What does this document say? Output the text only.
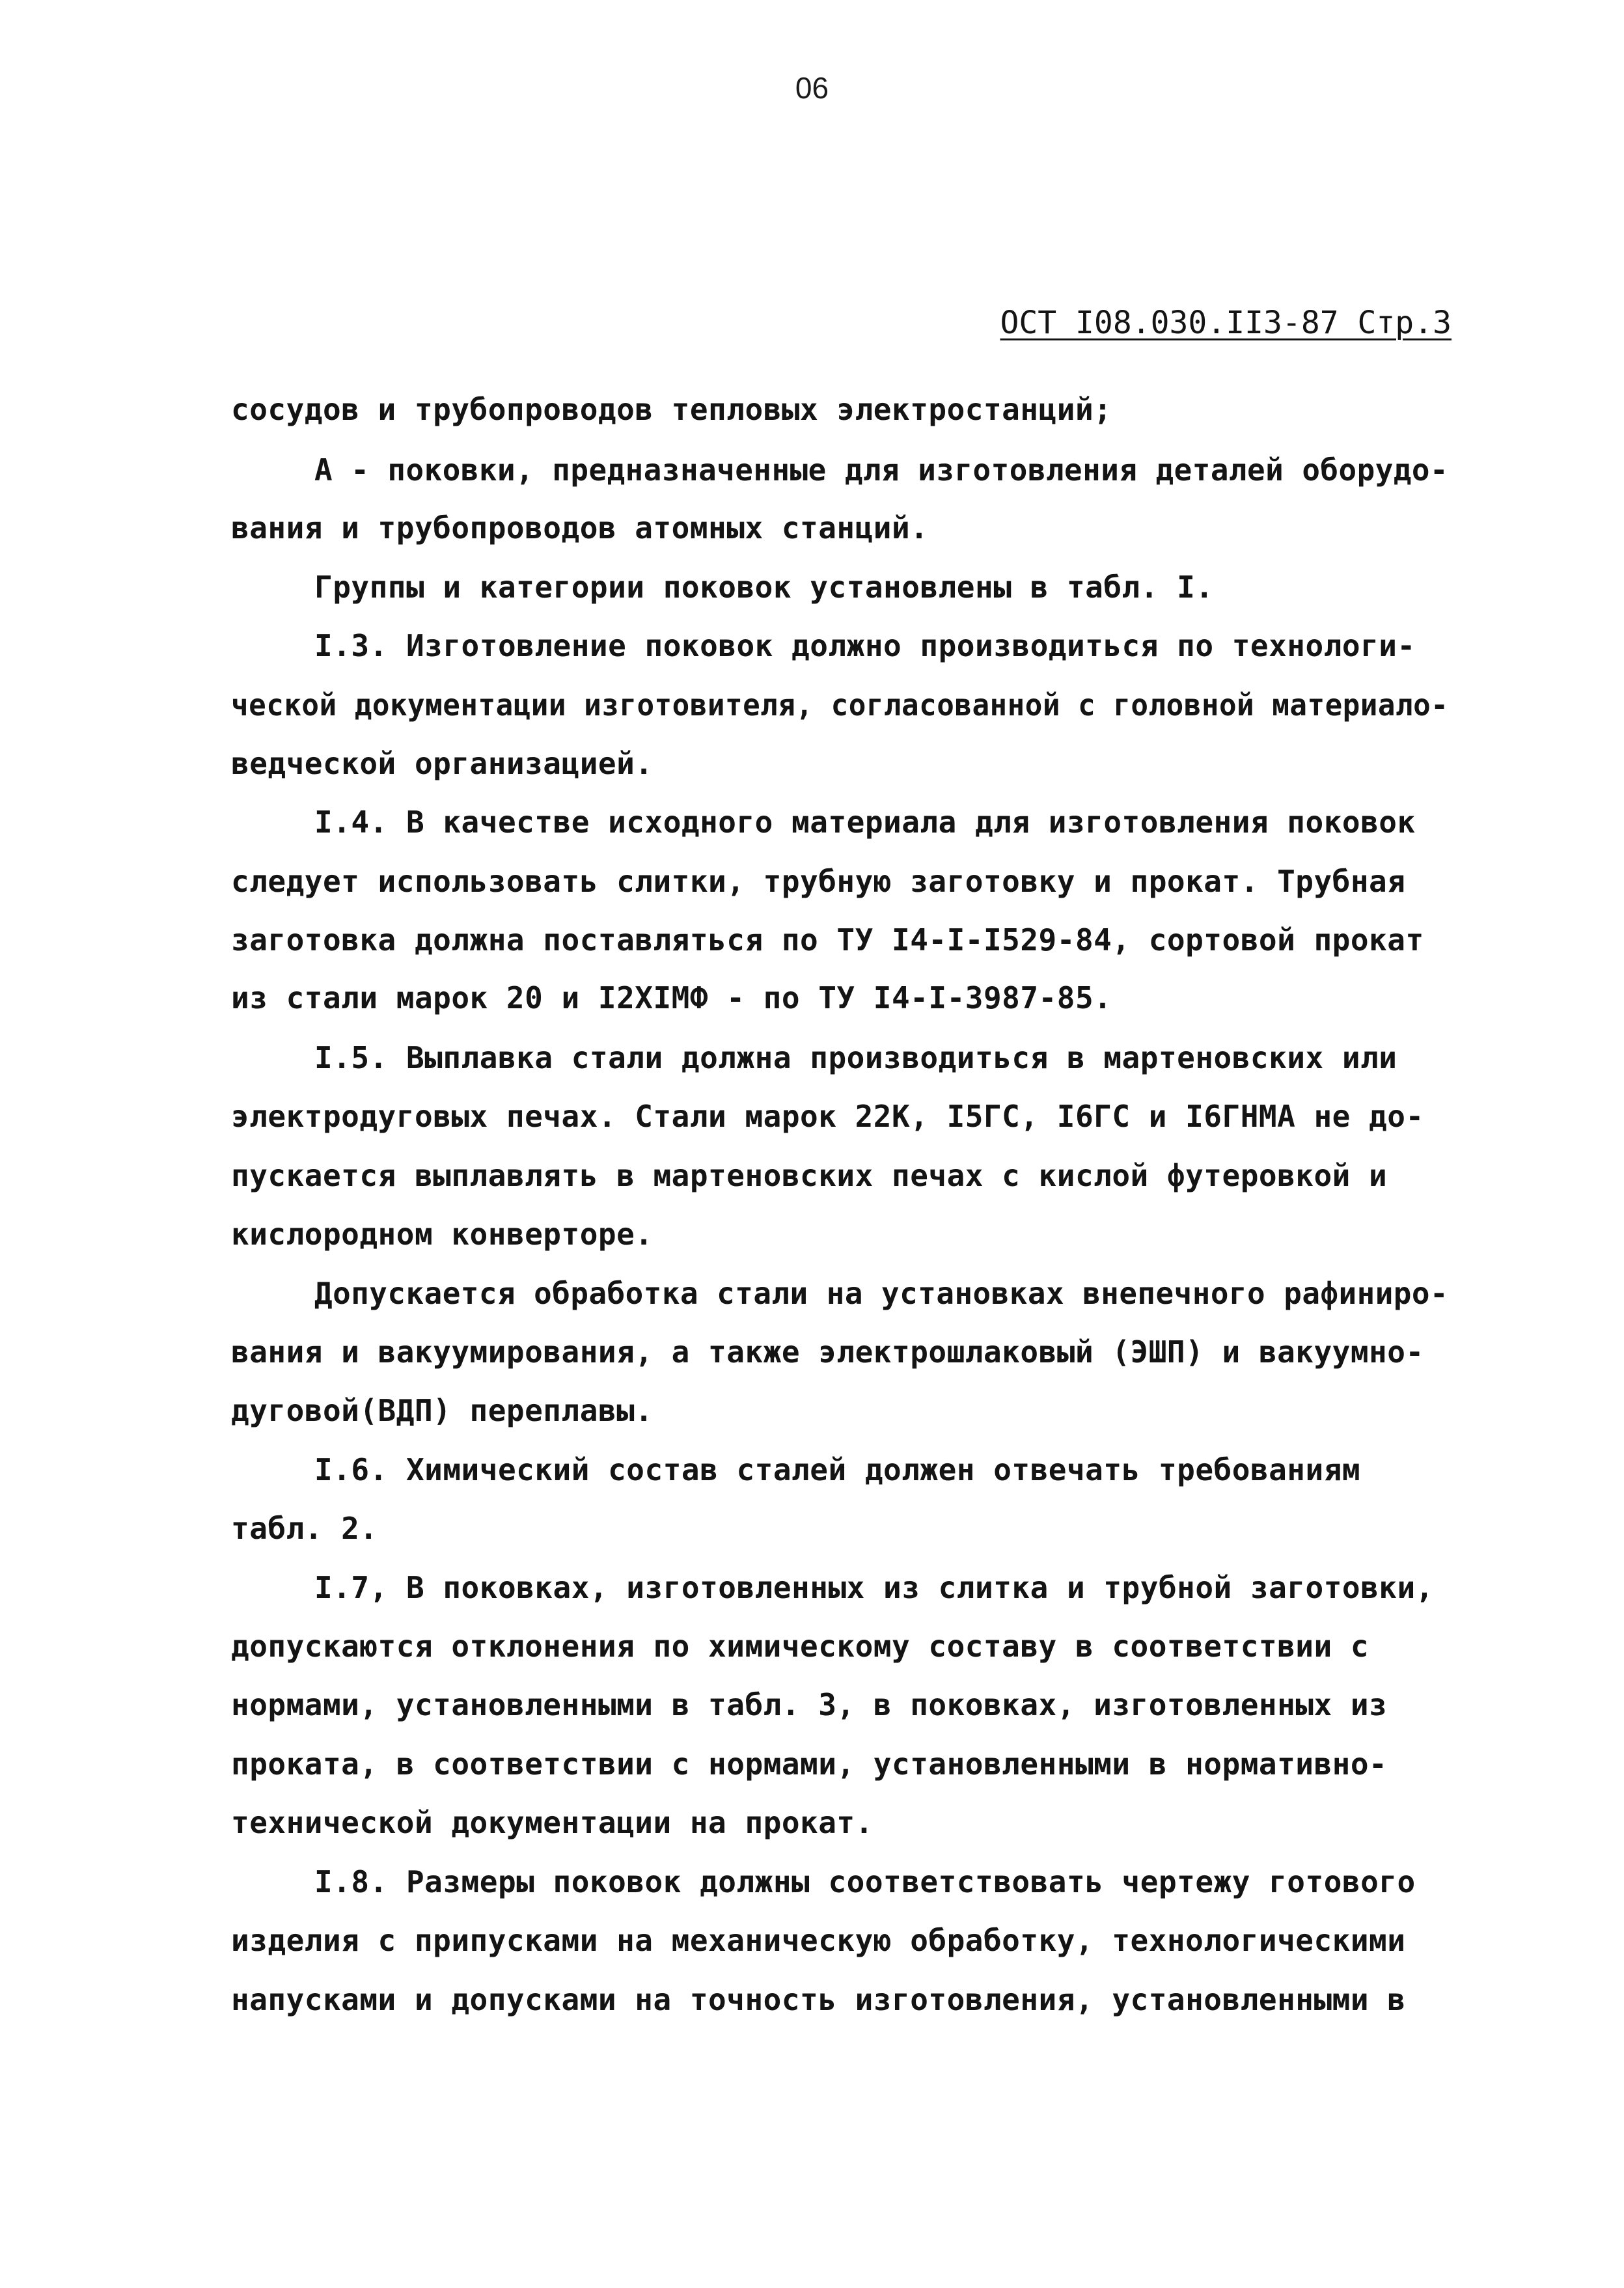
06
ОСТ I08.030.II3-87 Стр.3
сосудов и трубопроводов тепловых электростанций;
А - поковки, предназначенные для изготовления деталей оборудо-
вания и трубопроводов атомных станций.
Группы и категории поковок установлены в табл. I.
I.3. Изготовление поковок должно производиться по технологи-
ческой документации изготовителя, согласованной с головной материало-
ведческой организацией.
I.4. В качестве исходного материала для изготовления поковок
следует использовать слитки, трубную заготовку и прокат. Трубная
заготовка должна поставляться по ТУ I4-I-I529-84, сортовой прокат
из стали марок 20 и I2XIМФ - по ТУ I4-I-3987-85.
I.5. Выплавка стали должна производиться в мартеновских или
электродуговых печах. Стали марок 22К, I5ГС, I6ГС и I6ГНМА не до-
пускается выплавлять в мартеновских печах с кислой футеровкой и
кислородном конверторе.
Допускается обработка стали на установках внепечного рафиниро-
вания и вакуумирования, а также электрошлаковый (ЭШП) и вакуумно-
дуговой(ВДП) переплавы.
I.6. Химический состав сталей должен отвечать требованиям
табл. 2.
I.7, В поковках, изготовленных из слитка и трубной заготовки,
допускаются отклонения по химическому составу в соответствии с
нормами, установленными в табл. 3, в поковках, изготовленных из
проката, в соответствии с нормами, установленными в нормативно-
технической документации на прокат.
I.8. Размеры поковок должны соответствовать чертежу готового
изделия с припусками на механическую обработку, технологическими
напусками и допусками на точность изготовления, установленными в
